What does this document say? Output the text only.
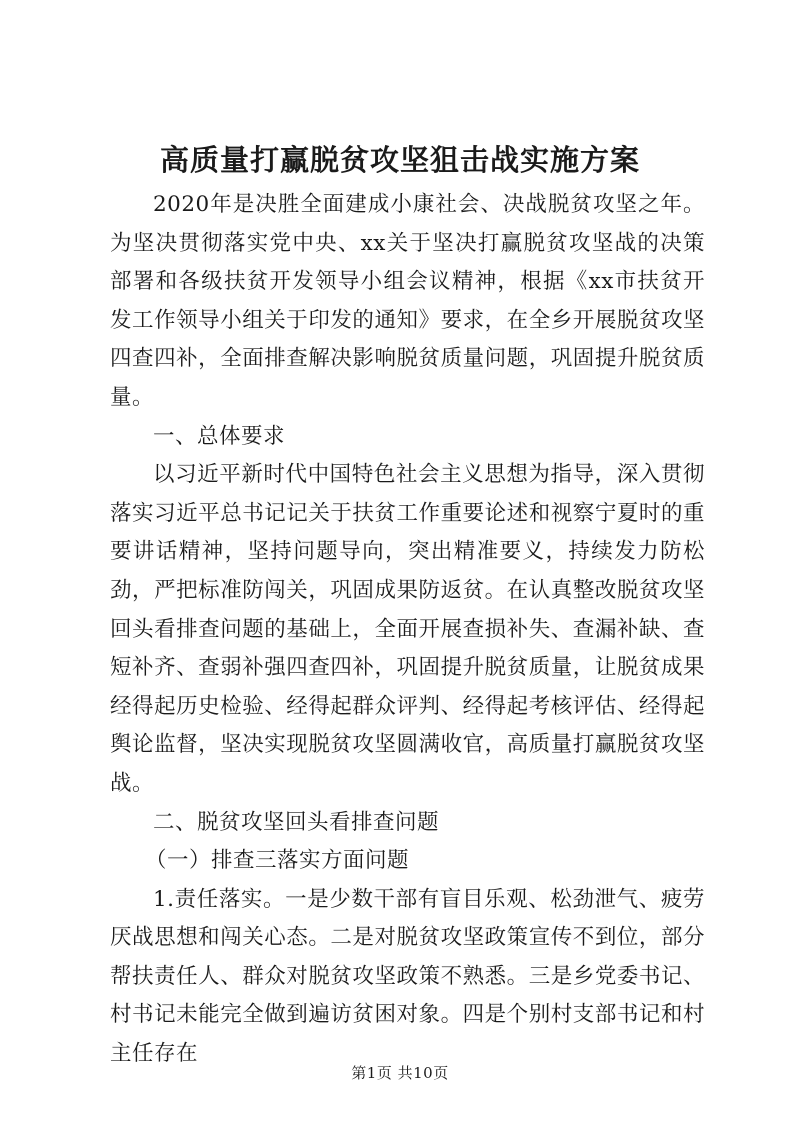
高质量打赢脱贫攻坚狙击战实施方案

2020年是决胜全面建成小康社会、决战脱贫攻坚之年。为坚决贯彻落实党中央、xx关于坚决打赢脱贫攻坚战的决策部署和各级扶贫开发领导小组会议精神，根据《xx市扶贫开发工作领导小组关于印发的通知》要求，在全乡开展脱贫攻坚四查四补，全面排查解决影响脱贫质量问题，巩固提升脱贫质量。

一、总体要求

以习近平新时代中国特色社会主义思想为指导，深入贯彻落实习近平总书记记关于扶贫工作重要论述和视察宁夏时的重要讲话精神，坚持问题导向，突出精准要义，持续发力防松劲，严把标准防闯关，巩固成果防返贫。在认真整改脱贫攻坚回头看排查问题的基础上，全面开展查损补失、查漏补缺、查短补齐、查弱补强四查四补，巩固提升脱贫质量，让脱贫成果经得起历史检验、经得起群众评判、经得起考核评估、经得起舆论监督，坚决实现脱贫攻坚圆满收官，高质量打赢脱贫攻坚战。

二、脱贫攻坚回头看排查问题

（一）排查三落实方面问题

1.责任落实。一是少数干部有盲目乐观、松劲泄气、疲劳厌战思想和闯关心态。二是对脱贫攻坚政策宣传不到位，部分帮扶责任人、群众对脱贫攻坚政策不熟悉。三是乡党委书记、村书记未能完全做到遍访贫困对象。四是个别村支部书记和村主任存在

第1页 共10页
